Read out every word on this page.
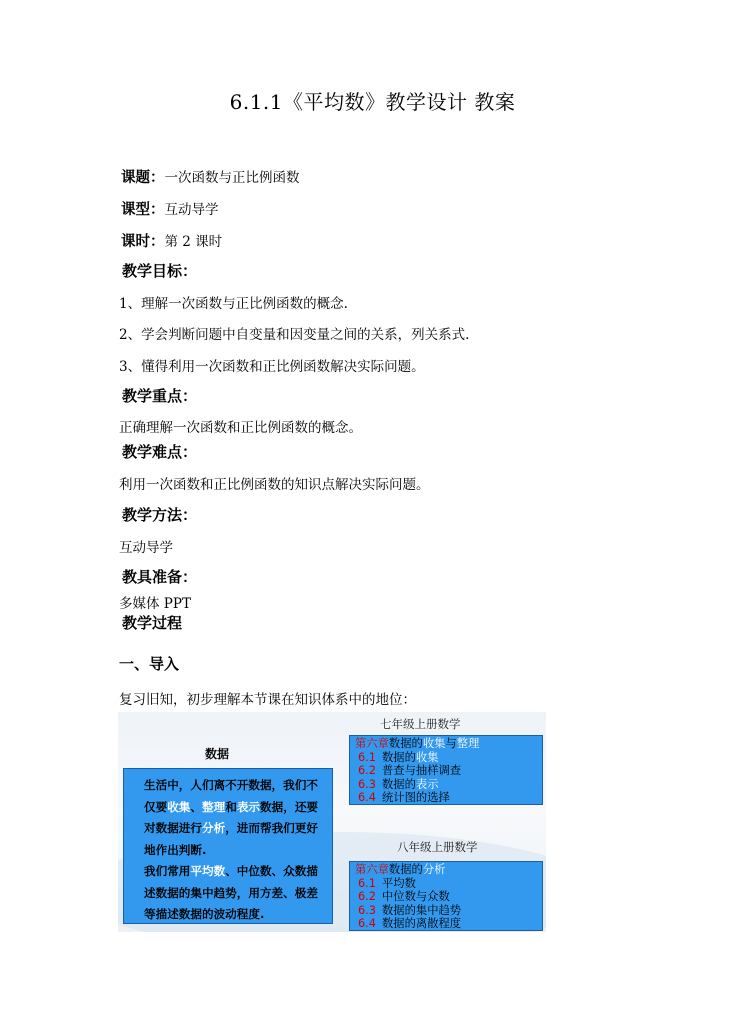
6.1.1《平均数》教学设计 教案
课题：一次函数与正比例函数
课型：互动导学
课时：第 2 课时
教学目标：
1、理解一次函数与正比例函数的概念.
2、学会判断问题中自变量和因变量之间的关系，列关系式.
3、懂得利用一次函数和正比例函数解决实际问题。
教学重点：
正确理解一次函数和正比例函数的概念。
教学难点：
利用一次函数和正比例函数的知识点解决实际问题。
教学方法：
互动导学
教具准备：
多媒体 PPT
教学过程
一、导入
复习旧知，初步理解本节课在知识体系中的地位：
数据
生活中，人们离不开数据，我们不仅要收集、整理和表示数据，还要对数据进行分析，进而帮我们更好地作出判断.
我们常用平均数、中位数、众数描述数据的集中趋势，用方差、极差等描述数据的波动程度.
七年级上册数学
第六章数据的收集与整理
6.1 数据的收集
6.2 普查与抽样调查
6.3 数据的表示
6.4 统计图的选择
八年级上册数学
第六章数据的分析
6.1 平均数
6.2 中位数与众数
6.3 数据的集中趋势
6.4 数据的离散程度
